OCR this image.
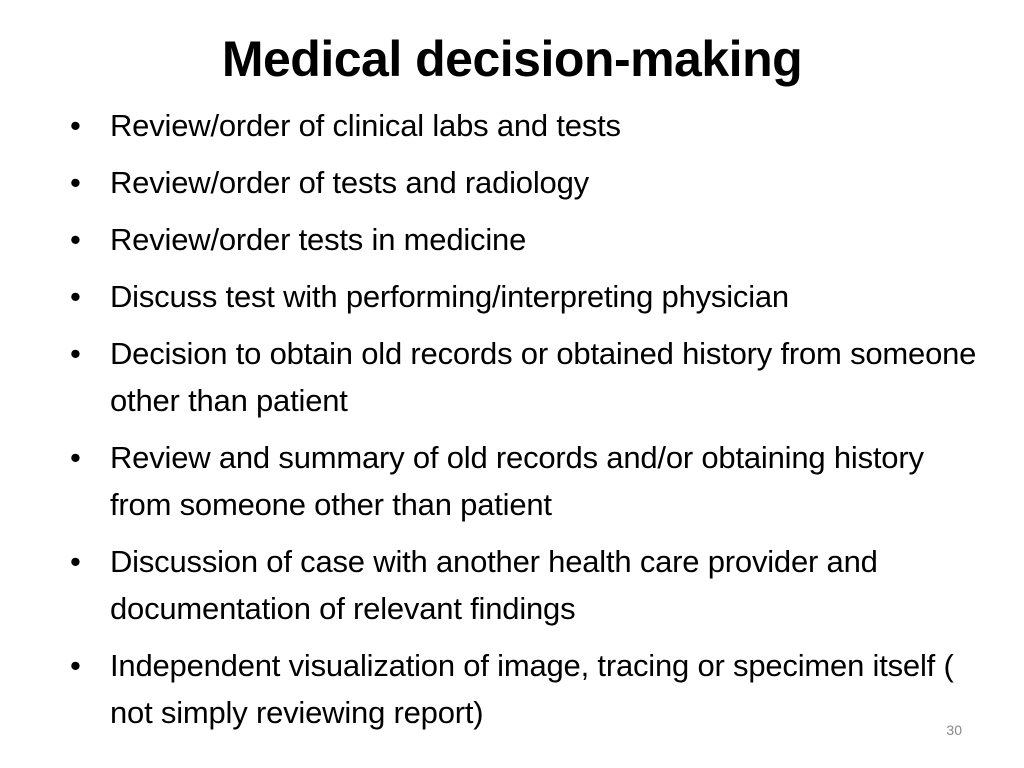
Medical decision-making
• Review/order of clinical labs and tests
• Review/order of tests and radiology
• Review/order tests in medicine
• Discuss test with performing/interpreting physician
• Decision to obtain old records or obtained history from someone other than patient
• Review and summary of old records and/or obtaining history from someone other than patient
• Discussion of case with another health care provider and documentation of relevant findings
• Independent visualization of image, tracing or specimen itself ( not simply reviewing report)	30
